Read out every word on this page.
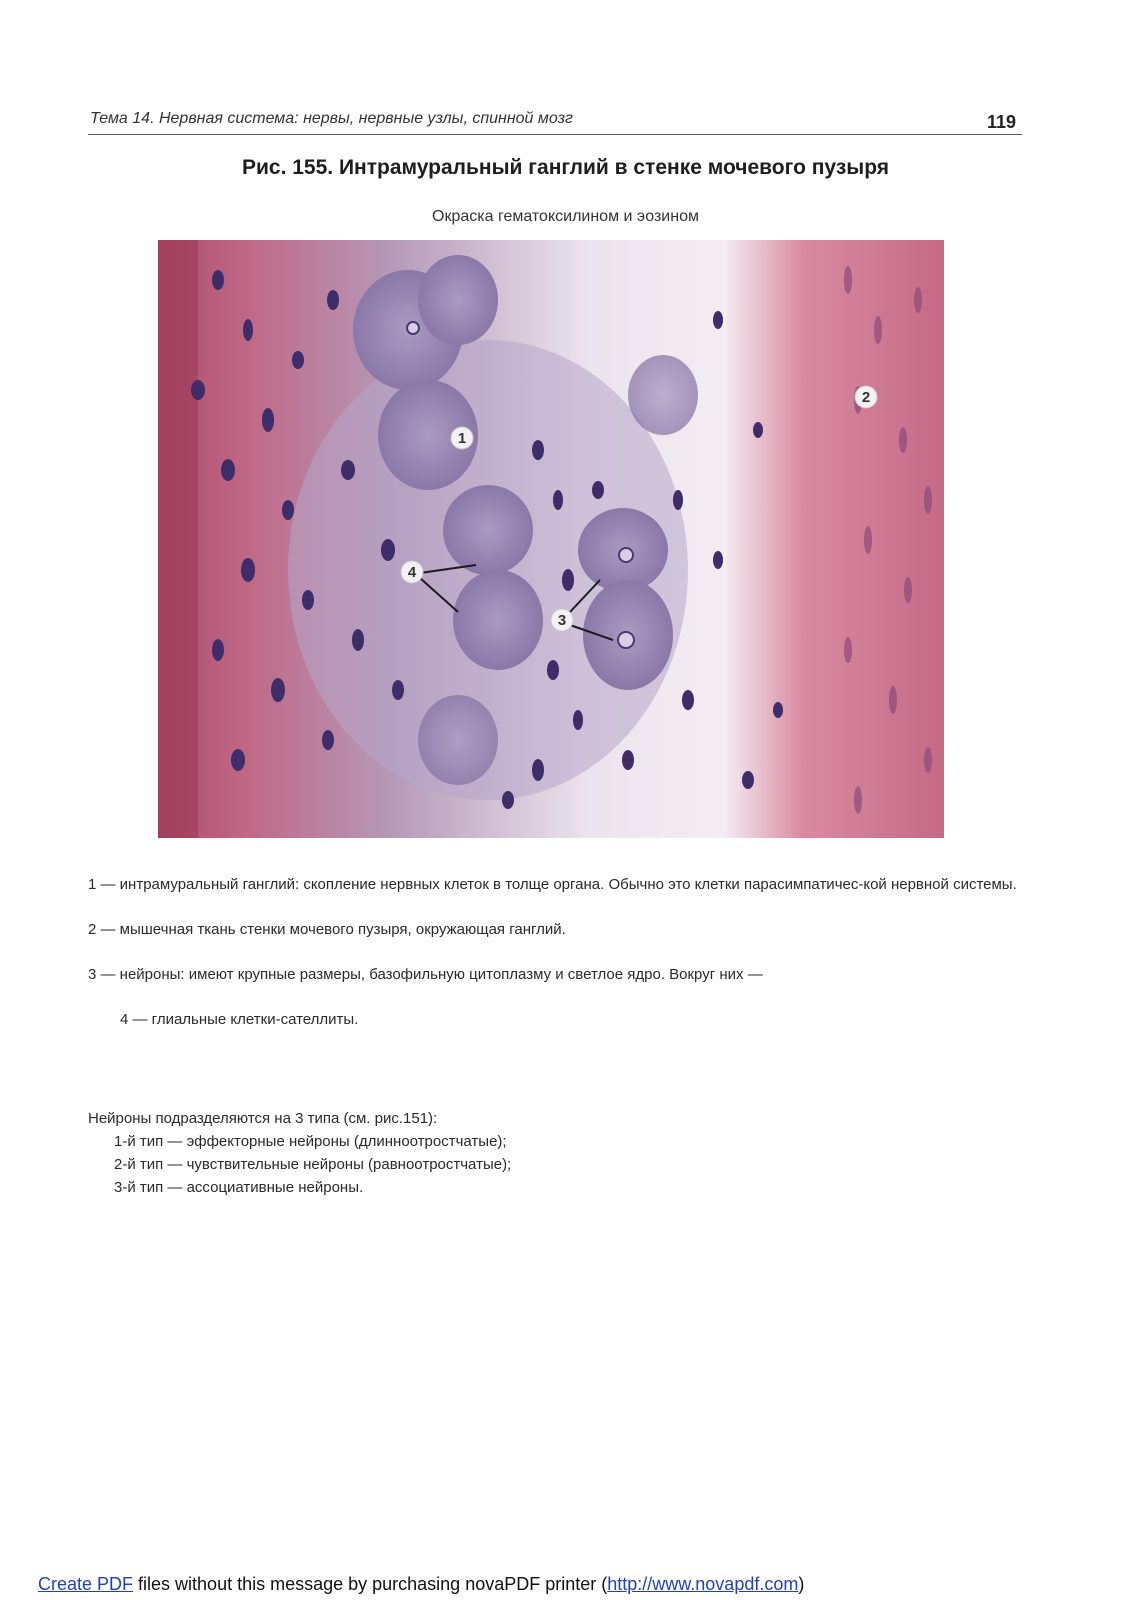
Тема 14. Нервная система: нервы, нервные узлы, спинной мозг	119
Рис. 155. Интрамуральный ганглий в стенке мочевого пузыря
Окраска гематоксилином и эозином
1
2
3
4

1 — интрамуральный ганглий: скопление нервных клеток в толще органа. Обычно это клетки парасимпатичес-кой нервной системы.

2 — мышечная ткань стенки мочевого пузыря, окружающая ганглий.

3 — нейроны: имеют крупные размеры, базофильную цитоплазму и светлое ядро. Вокруг них —

4 — глиальные клетки-сателлиты.

Нейроны подразделяются на 3 типа (см. рис.151):
1-й тип — эффекторные нейроны (длинноотростчатые);
2-й тип — чувствительные нейроны (равноотростчатые);
3-й тип — ассоциативные нейроны.
Create PDF files without this message by purchasing novaPDF printer (http://www.novapdf.com)
